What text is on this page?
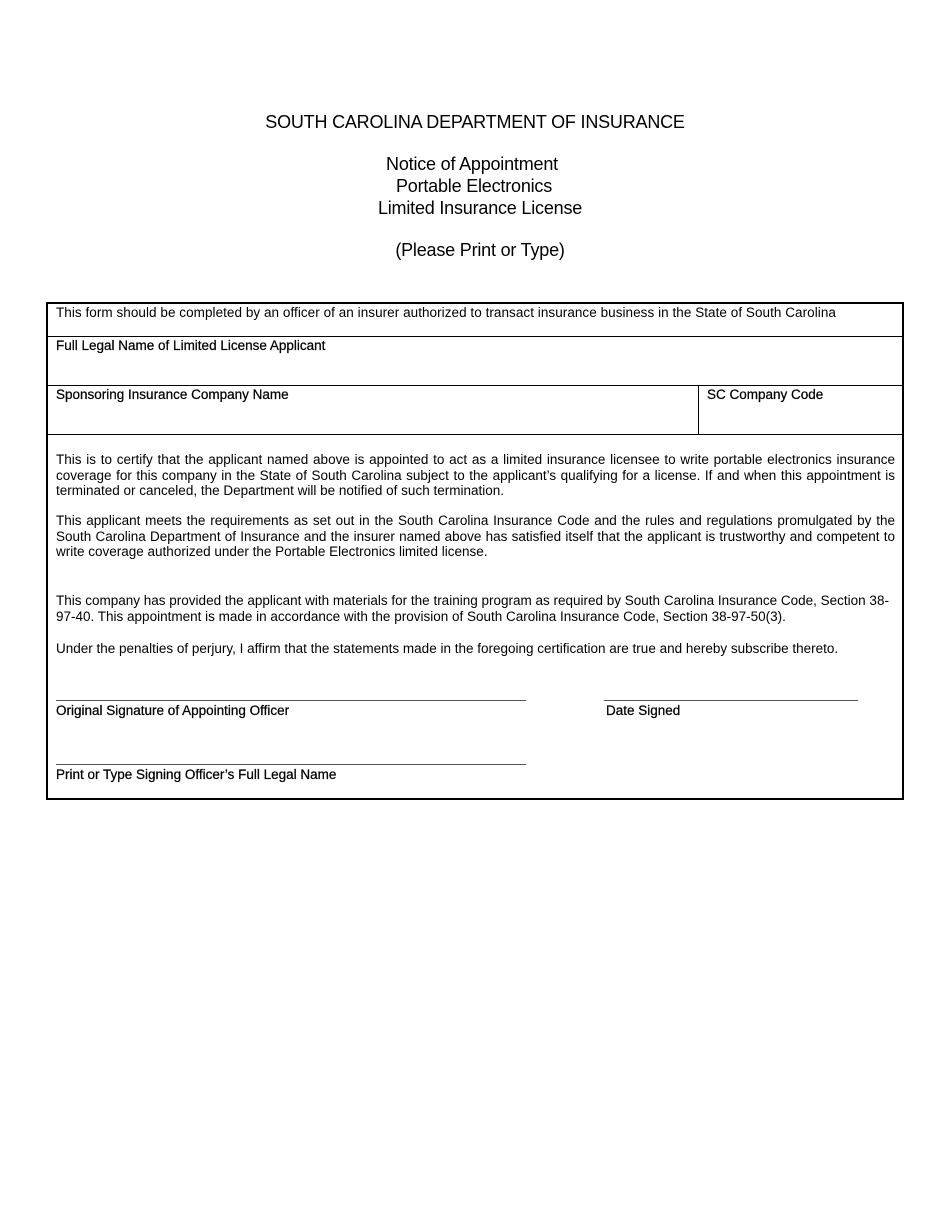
SOUTH CAROLINA DEPARTMENT OF INSURANCE
Notice of Appointment
Portable Electronics
Limited Insurance License
(Please Print or Type)
This form should be completed by an officer of an insurer authorized to transact insurance business in the State of South Carolina
Full Legal Name of Limited License Applicant
Sponsoring Insurance Company Name	SC Company Code
This is to certify that the applicant named above is appointed to act as a limited insurance licensee to write portable electronics insurance coverage for this company in the State of South Carolina subject to the applicant’s qualifying for a license. If and when this appointment is terminated or canceled, the Department will be notified of such termination.
This applicant meets the requirements as set out in the South Carolina Insurance Code and the rules and regulations promulgated by the South Carolina Department of Insurance and the insurer named above has satisfied itself that the applicant is trustworthy and competent to write coverage authorized under the Portable Electronics limited license.
This company has provided the applicant with materials for the training program as required by South Carolina Insurance Code, Section 38-97-40. This appointment is made in accordance with the provision of South Carolina Insurance Code, Section 38-97-50(3).
Under the penalties of perjury, I affirm that the statements made in the foregoing certification are true and hereby subscribe thereto.
Original Signature of Appointing Officer	Date Signed
Print or Type Signing Officer’s Full Legal Name
